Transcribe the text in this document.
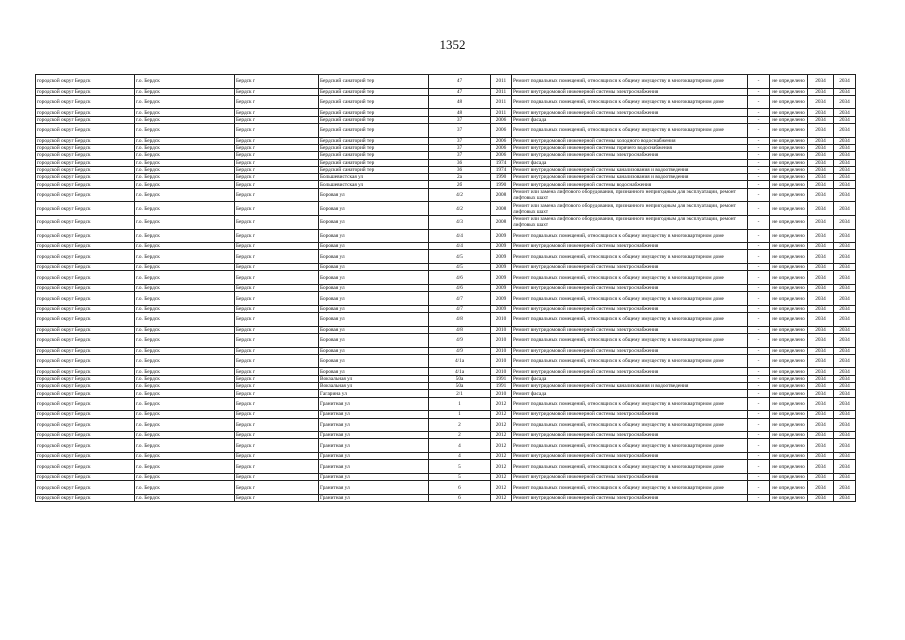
1352
городской округ Бердск	г.о. Бердск	Бердск г	Бердский санаторий тер	47	2011	Ремонт подвальных помещений, относящихся к общему имуществу в многоквартирном доме	-	не определено	2034	2034
городской округ Бердск	г.о. Бердск	Бердск г	Бердский санаторий тер	47	2011	Ремонт внутридомовой инженерной системы электроснабжения	-	не определено	2034	2034
городской округ Бердск	г.о. Бердск	Бердск г	Бердский санаторий тер	48	2011	Ремонт подвальных помещений, относящихся к общему имуществу в многоквартирном доме	-	не определено	2034	2034
городской округ Бердск	г.о. Бердск	Бердск г	Бердский санаторий тер	48	2011	Ремонт внутридомовой инженерной системы электроснабжения	-	не определено	2034	2034
городской округ Бердск	г.о. Бердск	Бердск г	Бердский санаторий тер	37	2006	Ремонт фасада	-	не определено	2034	2034
городской округ Бердск	г.о. Бердск	Бердск г	Бердский санаторий тер	37	2006	Ремонт подвальных помещений, относящихся к общему имуществу в многоквартирном доме	-	не определено	2034	2034
городской округ Бердск	г.о. Бердск	Бердск г	Бердский санаторий тер	37	2006	Ремонт внутридомовой инженерной системы холодного водоснабжения	-	не определено	2034	2034
городской округ Бердск	г.о. Бердск	Бердск г	Бердский санаторий тер	37	2006	Ремонт внутридомовой инженерной системы горячего водоснабжения	-	не определено	2034	2034
городской округ Бердск	г.о. Бердск	Бердск г	Бердский санаторий тер	37	2006	Ремонт внутридомовой инженерной системы электроснабжения	-	не определено	2034	2034
городской округ Бердск	г.о. Бердск	Бердск г	Бердский санаторий тер	36	1974	Ремонт фасада	-	не определено	2034	2034
городской округ Бердск	г.о. Бердск	Бердск г	Бердский санаторий тер	36	1974	Ремонт внутридомовой инженерной системы канализования и водоотведения	-	не определено	2034	2034
городской округ Бердск	г.о. Бердск	Бердск г	Большевистская ул	2а	1990	Ремонт внутридомовой инженерной системы канализования и водоотведения	-	не определено	2034	2034
городской округ Бердск	г.о. Бердск	Бердск г	Большевистская ул	2б	1990	Ремонт внутридомовой инженерной системы водоснабжения	-	не определено	2034	2034
городской округ Бердск	г.о. Бердск	Бердск г	Боровая ул	4/2	2008	Ремонт или замена лифтового оборудования, признанного непригодным для эксплуатации, ремонт лифтовых шахт	-	не определено	2034	2034
городской округ Бердск	г.о. Бердск	Бердск г	Боровая ул	4/2	2008	Ремонт или замена лифтового оборудования, признанного непригодным для эксплуатации, ремонт лифтовых шахт	-	не определено	2034	2034
городской округ Бердск	г.о. Бердск	Бердск г	Боровая ул	4/3	2008	Ремонт или замена лифтового оборудования, признанного непригодным для эксплуатации, ремонт лифтовых шахт	-	не определено	2034	2034
городской округ Бердск	г.о. Бердск	Бердск г	Боровая ул	4/4	2009	Ремонт подвальных помещений, относящихся к общему имуществу в многоквартирном доме	-	не определено	2034	2034
городской округ Бердск	г.о. Бердск	Бердск г	Боровая ул	4/4	2009	Ремонт внутридомовой инженерной системы электроснабжения	-	не определено	2034	2034
городской округ Бердск	г.о. Бердск	Бердск г	Боровая ул	4/5	2009	Ремонт подвальных помещений, относящихся к общему имуществу в многоквартирном доме	-	не определено	2034	2034
городской округ Бердск	г.о. Бердск	Бердск г	Боровая ул	4/5	2009	Ремонт внутридомовой инженерной системы электроснабжения	-	не определено	2034	2034
городской округ Бердск	г.о. Бердск	Бердск г	Боровая ул	4/6	2009	Ремонт подвальных помещений, относящихся к общему имуществу в многоквартирном доме	-	не определено	2034	2034
городской округ Бердск	г.о. Бердск	Бердск г	Боровая ул	4/6	2009	Ремонт внутридомовой инженерной системы электроснабжения	-	не определено	2034	2034
городской округ Бердск	г.о. Бердск	Бердск г	Боровая ул	4/7	2009	Ремонт подвальных помещений, относящихся к общему имуществу в многоквартирном доме	-	не определено	2034	2034
городской округ Бердск	г.о. Бердск	Бердск г	Боровая ул	4/7	2009	Ремонт внутридомовой инженерной системы электроснабжения	-	не определено	2034	2034
городской округ Бердск	г.о. Бердск	Бердск г	Боровая ул	4/8	2010	Ремонт подвальных помещений, относящихся к общему имуществу в многоквартирном доме	-	не определено	2034	2034
городской округ Бердск	г.о. Бердск	Бердск г	Боровая ул	4/8	2010	Ремонт внутридомовой инженерной системы электроснабжения	-	не определено	2034	2034
городской округ Бердск	г.о. Бердск	Бердск г	Боровая ул	4/9	2010	Ремонт подвальных помещений, относящихся к общему имуществу в многоквартирном доме	-	не определено	2034	2034
городской округ Бердск	г.о. Бердск	Бердск г	Боровая ул	4/9	2010	Ремонт внутридомовой инженерной системы электроснабжения	-	не определено	2034	2034
городской округ Бердск	г.о. Бердск	Бердск г	Боровая ул	4/1а	2010	Ремонт подвальных помещений, относящихся к общему имуществу в многоквартирном доме	-	не определено	2034	2034
городской округ Бердск	г.о. Бердск	Бердск г	Боровая ул	4/1а	2010	Ремонт внутридомовой инженерной системы электроснабжения	-	не определено	2034	2034
городской округ Бердск	г.о. Бердск	Бердск г	Вокзальная ул	50а	1991	Ремонт фасада	-	не определено	2034	2034
городской округ Бердск	г.о. Бердск	Бердск г	Вокзальная ул	50а	1991	Ремонт внутридомовой инженерной системы канализования и водоотведения	-	не определено	2034	2034
городской округ Бердск	г.о. Бердск	Бердск г	Гагарина ул	2/1	2010	Ремонт фасада	-	не определено	2034	2034
городской округ Бердск	г.о. Бердск	Бердск г	Гранитная ул	1	2012	Ремонт подвальных помещений, относящихся к общему имуществу в многоквартирном доме	-	не определено	2034	2034
городской округ Бердск	г.о. Бердск	Бердск г	Гранитная ул	1	2012	Ремонт внутридомовой инженерной системы электроснабжения	-	не определено	2034	2034
городской округ Бердск	г.о. Бердск	Бердск г	Гранитная ул	2	2012	Ремонт подвальных помещений, относящихся к общему имуществу в многоквартирном доме	-	не определено	2034	2034
городской округ Бердск	г.о. Бердск	Бердск г	Гранитная ул	2	2012	Ремонт внутридомовой инженерной системы электроснабжения	-	не определено	2034	2034
городской округ Бердск	г.о. Бердск	Бердск г	Гранитная ул	4	2012	Ремонт подвальных помещений, относящихся к общему имуществу в многоквартирном доме	-	не определено	2034	2034
городской округ Бердск	г.о. Бердск	Бердск г	Гранитная ул	4	2012	Ремонт внутридомовой инженерной системы электроснабжения	-	не определено	2034	2034
городской округ Бердск	г.о. Бердск	Бердск г	Гранитная ул	5	2012	Ремонт подвальных помещений, относящихся к общему имуществу в многоквартирном доме	-	не определено	2034	2034
городской округ Бердск	г.о. Бердск	Бердск г	Гранитная ул	5	2012	Ремонт внутридомовой инженерной системы электроснабжения	-	не определено	2034	2034
городской округ Бердск	г.о. Бердск	Бердск г	Гранитная ул	6	2012	Ремонт подвальных помещений, относящихся к общему имуществу в многоквартирном доме	-	не определено	2034	2034
городской округ Бердск	г.о. Бердск	Бердск г	Гранитная ул	6	2012	Ремонт внутридомовой инженерной системы электроснабжения	-	не определено	2034	2034
